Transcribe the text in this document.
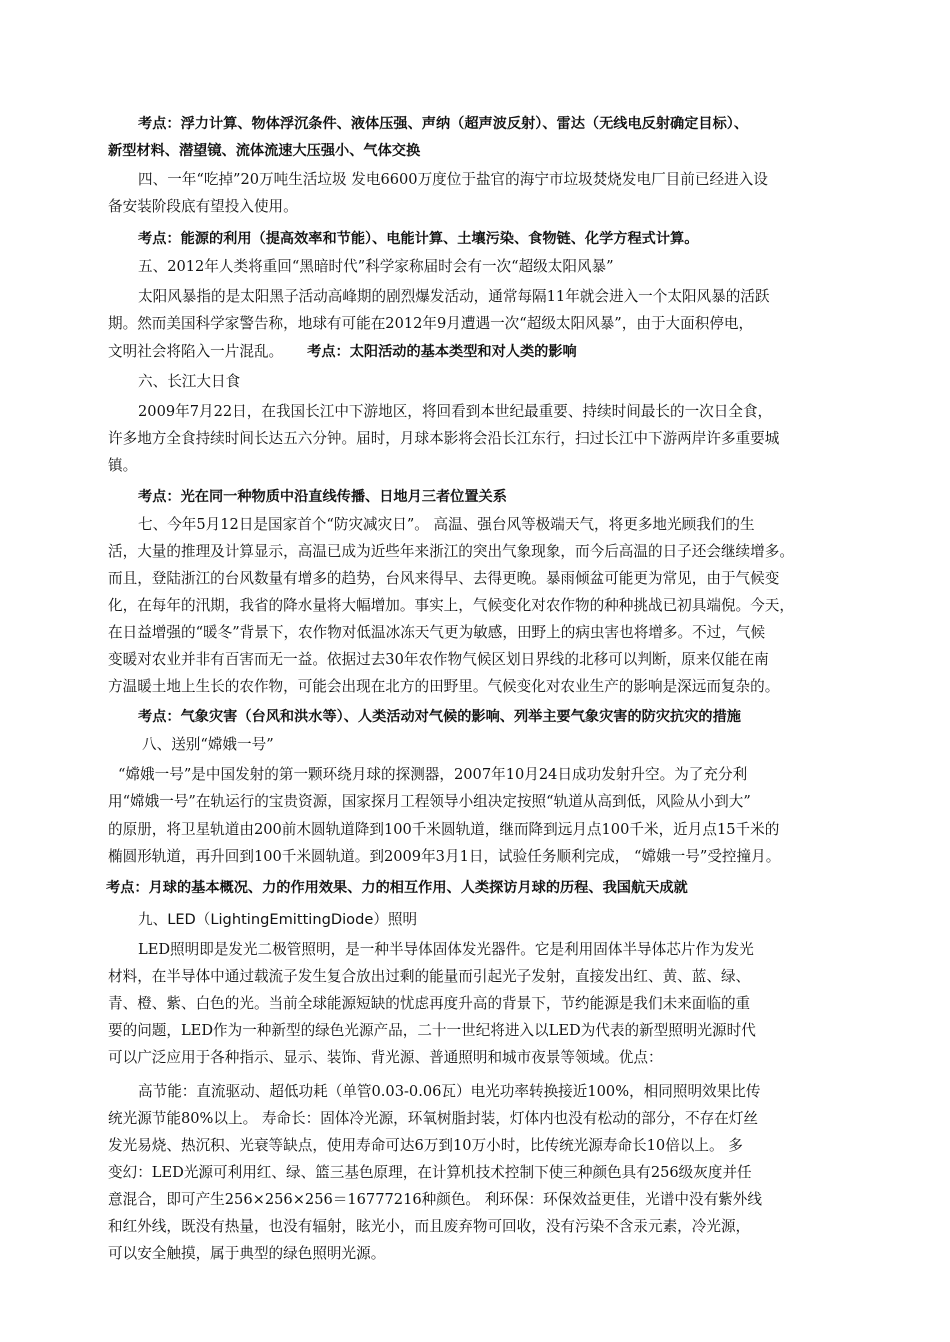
考点：浮力计算、物体浮沉条件、液体压强、声纳（超声波反射）、雷达（无线电反射确定目标）、
新型材料、潜望镜、流体流速大压强小、气体交换
四、一年“吃掉”20万吨生活垃圾 发电6600万度位于盐官的海宁市垃圾焚烧发电厂目前已经进入设
备安装阶段底有望投入使用。
考点：能源的利用（提高效率和节能）、电能计算、土壤污染、食物链、化学方程式计算。
五、2012年人类将重回“黑暗时代”科学家称届时会有一次“超级太阳风暴”
太阳风暴指的是太阳黑子活动高峰期的剧烈爆发活动，通常每隔11年就会进入一个太阳风暴的活跃
期。然而美国科学家警告称，地球有可能在2012年9月遭遇一次“超级太阳风暴”，由于大面积停电，
文明社会将陷入一片混乱。 考点：太阳活动的基本类型和对人类的影响
六、长江大日食
2009年7月22日，在我国长江中下游地区，将回看到本世纪最重要、持续时间最长的一次日全食，
许多地方全食持续时间长达五六分钟。届时，月球本影将会沿长江东行，扫过长江中下游两岸许多重要城
镇。
考点：光在同一种物质中沿直线传播、日地月三者位置关系
七、今年5月12日是国家首个“防灾减灾日”。 高温、强台风等极端天气，将更多地光顾我们的生
活，大量的推理及计算显示，高温已成为近些年来浙江的突出气象现象，而今后高温的日子还会继续增多。
而且，登陆浙江的台风数量有增多的趋势，台风来得早、去得更晚。暴雨倾盆可能更为常见，由于气候变
化，在每年的汛期，我省的降水量将大幅增加。事实上，气候变化对农作物的种种挑战已初具端倪。今天，
在日益增强的“暖冬”背景下，农作物对低温冰冻天气更为敏感，田野上的病虫害也将增多。不过，气候
变暖对农业并非有百害而无一益。依据过去30年农作物气候区划日界线的北移可以判断，原来仅能在南
方温暖土地上生长的农作物，可能会出现在北方的田野里。气候变化对农业生产的影响是深远而复杂的。
考点：气象灾害（台风和洪水等）、人类活动对气候的影响、列举主要气象灾害的防灾抗灾的措施
八、送别“嫦娥一号”
“嫦娥一号”是中国发射的第一颗环绕月球的探测器，2007年10月24日成功发射升空。为了充分利
用“嫦娥一号”在轨运行的宝贵资源，国家探月工程领导小组决定按照“轨道从高到低，风险从小到大”
的原册，将卫星轨道由200前木圆轨道降到100千米圆轨道，继而降到远月点100千米，近月点15千米的
椭圆形轨道，再升回到100千米圆轨道。到2009年3月1日，试验任务顺利完成， “嫦娥一号”受控撞月。
考点：月球的基本概况、力的作用效果、力的相互作用、人类探访月球的历程、我国航天成就
九、LED（LightingEmittingDiode）照明
LED照明即是发光二极管照明，是一种半导体固体发光器件。它是利用固体半导体芯片作为发光
材料，在半导体中通过载流子发生复合放出过剩的能量而引起光子发射，直接发出红、黄、蓝、绿、
青、橙、紫、白色的光。当前全球能源短缺的忧虑再度升高的背景下，节约能源是我们未来面临的重
要的问题，LED作为一种新型的绿色光源产品，二十一世纪将进入以LED为代表的新型照明光源时代
可以广泛应用于各种指示、显示、装饰、背光源、普通照明和城市夜景等领域。优点：
高节能：直流驱动、超低功耗（单管0.03-0.06瓦）电光功率转换接近100%，相同照明效果比传
统光源节能80%以上。 寿命长：固体冷光源，环氧树脂封装，灯体内也没有松动的部分，不存在灯丝
发光易烧、热沉积、光衰等缺点，使用寿命可达6万到10万小时，比传统光源寿命长10倍以上。 多
变幻：LED光源可利用红、绿、篮三基色原理，在计算机技术控制下使三种颜色具有256级灰度并任
意混合，即可产生256×256×256＝16777216种颜色。 利环保：环保效益更佳，光谱中没有紫外线
和红外线，既没有热量，也没有辐射，眩光小，而且废弃物可回收，没有污染不含汞元素，冷光源，
可以安全触摸，属于典型的绿色照明光源。
